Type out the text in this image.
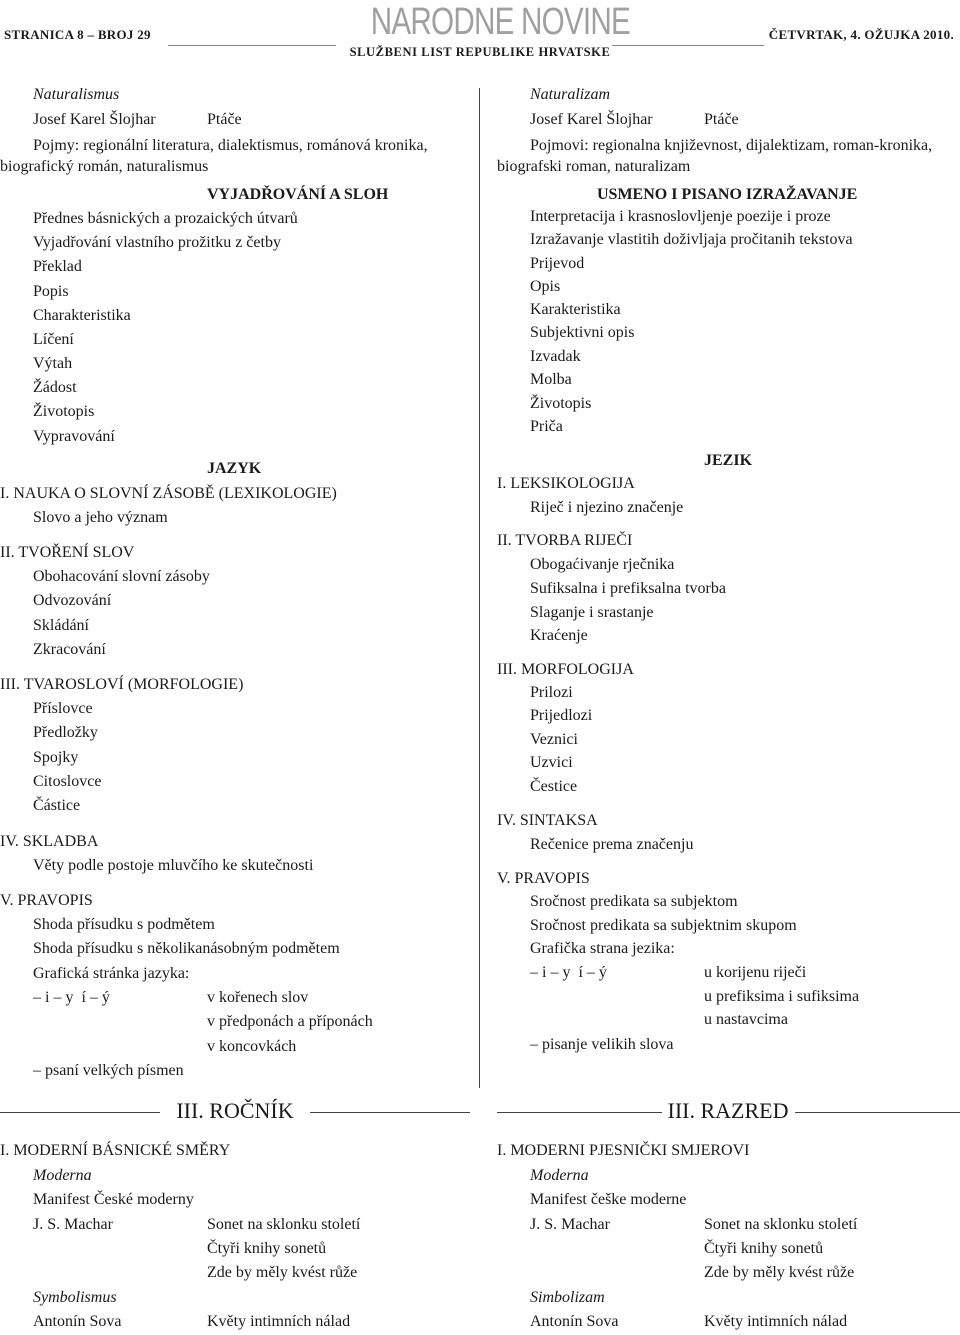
STRANICA 8 – BROJ 29	NARODNE NOVINE
SLUŽBENI LIST REPUBLIKE HRVATSKE
ČETVRTAK, 4. OŽUJKA 2010.
Naturalismus
Josef Karel Šlojhar	Ptáče
Pojmy: regionální literatura, dialektismus, románová kronika, biografický román, naturalismus
VYJADŘOVÁNÍ A SLOH
Přednes básnických a prozaických útvarů
Vyjadřování vlastního prožitku z četby
Překlad
Popis
Charakteristika
Líčení
Výtah
Žádost
Životopis
Vypravování
JAZYK
I. NAUKA O SLOVNÍ ZÁSOBĚ (LEXIKOLOGIE)
Slovo a jeho význam
II. TVOŘENÍ SLOV
Obohacování slovní zásoby
Odvozování
Skládání
Zkracování
III. TVAROSLOVÍ (MORFOLOGIE)
Příslovce
Předložky
Spojky
Citoslovce
Částice
IV. SKLADBA
Věty podle postoje mluvčího ke skutečnosti
V. PRAVOPIS
Shoda přísudku s podmětem
Shoda přísudku s několikanásobným podmětem
Grafická stránka jazyka:
– i – y  í – ý	v kořenech slov
v předponách a příponách
v koncovkách
– psaní velkých písmen
Naturalizam
Josef Karel Šlojhar	Ptáče
Pojmovi: regionalna književnost, dijalektizam, roman-kronika, biografski roman, naturalizam
USMENO I PISANO IZRAŽAVANJE
Interpretacija i krasnoslovljenje poezije i proze
Izražavanje vlastitih doživljaja pročitanih tekstova
Prijevod
Opis
Karakteristika
Subjektivni opis
Izvadak
Molba
Životopis
Priča
JEZIK
I. LEKSIKOLOGIJA
Riječ i njezino značenje
II. TVORBA RIJEČI
Obogaćivanje rječnika
Sufiksalna i prefiksalna tvorba
Slaganje i srastanje
Kraćenje
III. MORFOLOGIJA
Prilozi
Prijedlozi
Veznici
Uzvici
Čestice
IV. SINTAKSA
Rečenice prema značenju
V. PRAVOPIS
Sročnost predikata sa subjektom
Sročnost predikata sa subjektnim skupom
Grafička strana jezika:
– i – y  í – ý	u korijenu riječi
u prefiksima i sufiksima
u nastavcima
– pisanje velikih slova
III. ROČNÍK
I. MODERNÍ BÁSNICKÉ SMĚRY
Moderna
Manifest České moderny
J. S. Machar	Sonet na sklonku století
Čtyři knihy sonetů
Zde by měly kvést růže
Symbolismus
Antonín Sova	Květy intimních nálad
III. RAZRED
I. MODERNI PJESNIČKI SMJEROVI
Moderna
Manifest češke moderne
J. S. Machar	Sonet na sklonku století
Čtyři knihy sonetů
Zde by měly kvést růže
Simbolizam
Antonín Sova	Květy intimních nálad
